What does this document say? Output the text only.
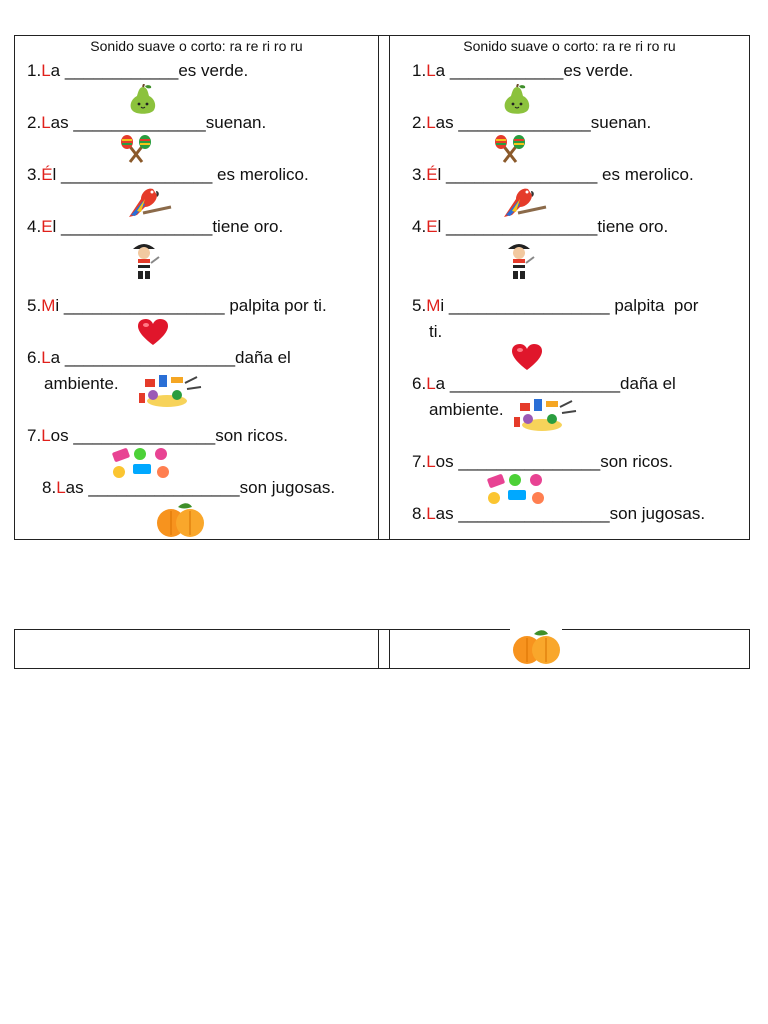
Sonido suave o corto: ra re ri ro ru
1.La ____________es verde.
2.Las ______________suenan.
3.Él ________________ es merolico.
4.El ________________tiene oro.
5.Mi _________________ palpita por ti.
6.La __________________daña el
ambiente.
7.Los _______________son ricos.
8.Las ________________son jugosas.
Sonido suave o corto: ra re ri ro ru
1.La ____________es verde.
2.Las ______________suenan.
3.Él ________________ es merolico.
4.El ________________tiene oro.
5.Mi _________________ palpita  por
ti.
6.La __________________daña el
ambiente.
7.Los _______________son ricos.
8.Las ________________son jugosas.
